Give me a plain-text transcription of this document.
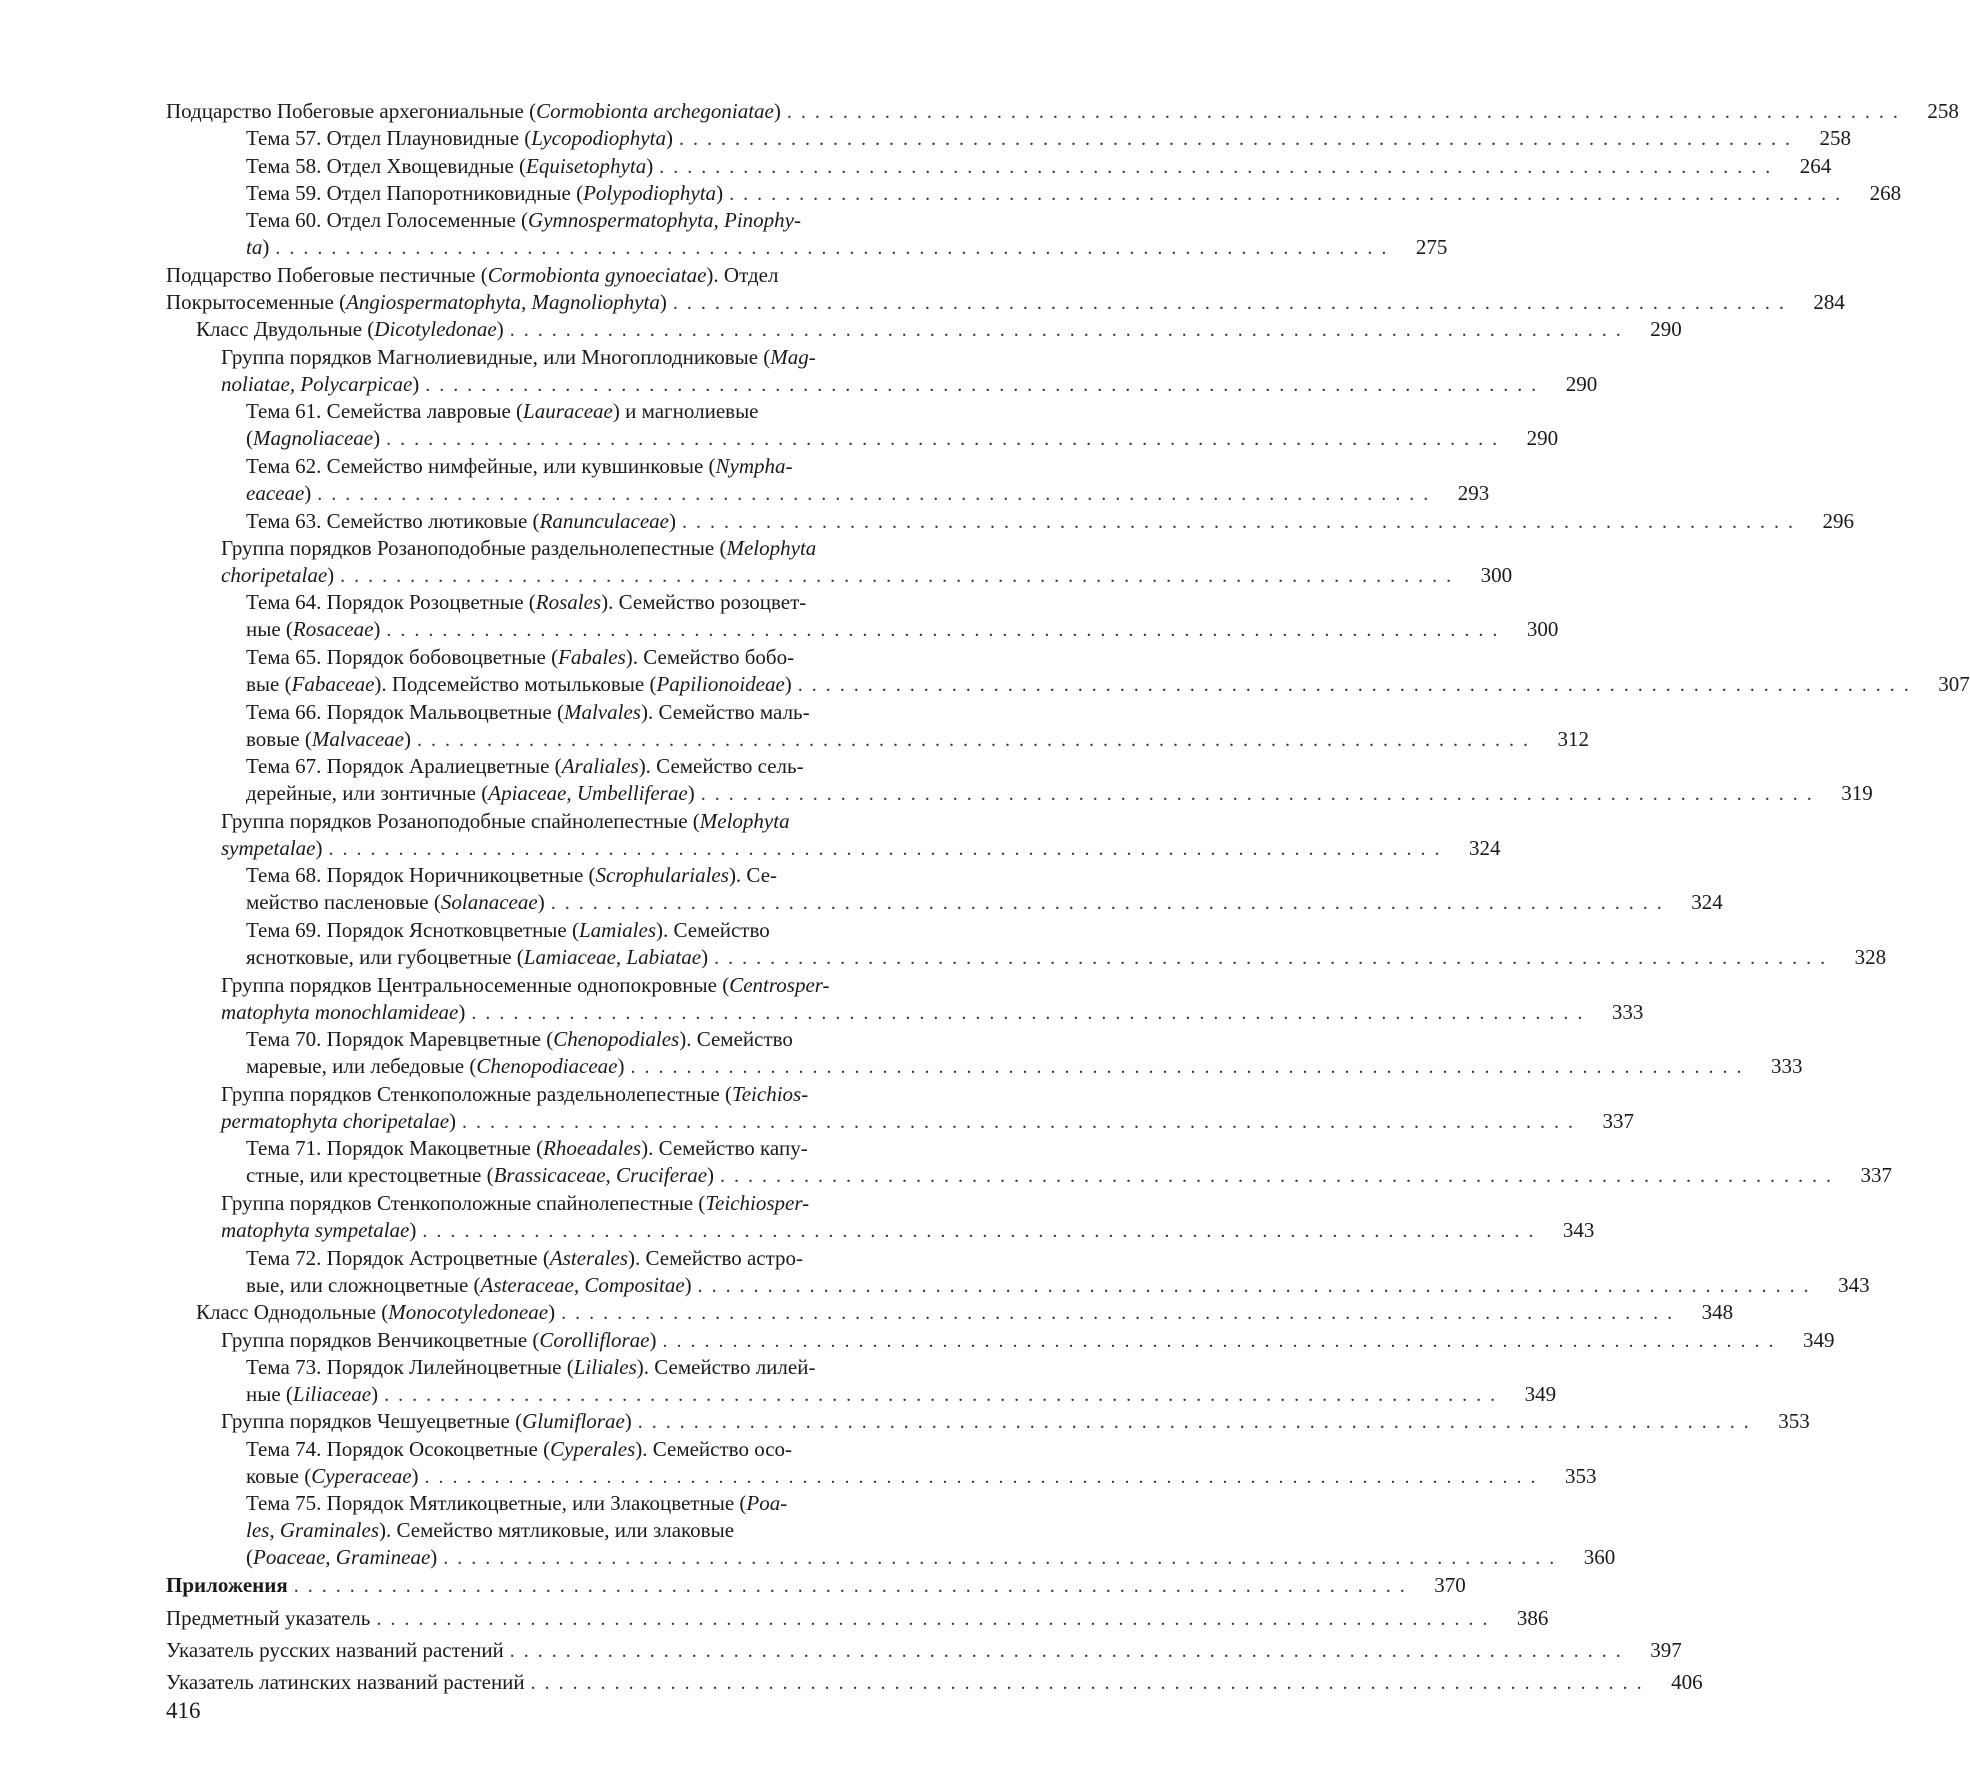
Подцарство Побеговые архегониальные (Cormobionta archegoniatae) ................................................................................ 258
Тема 57. Отдел Плауновидные (Lycopodiophyta) ................................................................................ 258
Тема 58. Отдел Хвощевидные (Equisetophyta) ................................................................................ 264
Тема 59. Отдел Папоротниковидные (Polypodiophyta) ................................................................................ 268
Тема 60. Отдел Голосеменные (Gymnospermatophyta, Pinophy-
ta) ................................................................................ 275
Подцарство Побеговые пестичные (Cormobionta gynoeciatae). Отдел
Покрытосеменные (Angiospermatophyta, Magnoliophyta) ................................................................................ 284
Класс Двудольные (Dicotyledonae) ................................................................................ 290
Группа порядков Магнолиевидные, или Многоплодниковые (Mag-
noliatae, Polycarpicae) ................................................................................ 290
Тема 61. Семейства лавровые (Lauraceae) и магнолиевые
(Magnoliaceae) ................................................................................ 290
Тема 62. Семейство нимфейные, или кувшинковые (Nympha-
eaceae) ................................................................................ 293
Тема 63. Семейство лютиковые (Ranunculaceae) ................................................................................ 296
Группа порядков Розаноподобные раздельнолепестные (Melophyta
choripetalae) ................................................................................ 300
Тема 64. Порядок Розоцветные (Rosales). Семейство розоцвет-
ные (Rosaceae) ................................................................................ 300
Тема 65. Порядок бобовоцветные (Fabales). Семейство бобо-
вые (Fabaceae). Подсемейство мотыльковые (Papilionoideae) ................................................................................ 307
Тема 66. Порядок Мальвоцветные (Malvales). Семейство маль-
вовые (Malvaceae) ................................................................................ 312
Тема 67. Порядок Аралиецветные (Araliales). Семейство сель-
дерейные, или зонтичные (Apiaceae, Umbelliferae) ................................................................................ 319
Группа порядков Розаноподобные спайнолепестные (Melophyta
sympetalae) ................................................................................ 324
Тема 68. Порядок Норичникоцветные (Scrophulariales). Се-
мейство пасленовые (Solanaceae) ................................................................................ 324
Тема 69. Порядок Яснотковцветные (Lamiales). Семейство
яснотковые, или губоцветные (Lamiaceae, Labiatae) ................................................................................ 328
Группа порядков Центральносеменные однопокровные (Centrosper-
matophyta monochlamideae) ................................................................................ 333
Тема 70. Порядок Маревцветные (Chenopodiales). Семейство
маревые, или лебедовые (Chenopodiaceae) ................................................................................ 333
Группа порядков Стенкоположные раздельнолепестные (Teichios-
permatophyta choripetalae) ................................................................................ 337
Тема 71. Порядок Макоцветные (Rhoeadales). Семейство капу-
стные, или крестоцветные (Brassicaceae, Cruciferae) ................................................................................ 337
Группа порядков Стенкоположные спайнолепестные (Teichiosper-
matophyta sympetalae) ................................................................................ 343
Тема 72. Порядок Астроцветные (Asterales). Семейство астро-
вые, или сложноцветные (Asteraceae, Compositae) ................................................................................ 343
Класс Однодольные (Monocotyledoneae) ................................................................................ 348
Группа порядков Венчикоцветные (Corolliflorae) ................................................................................ 349
Тема 73. Порядок Лилейноцветные (Liliales). Семейство лилей-
ные (Liliaceae) ................................................................................ 349
Группа порядков Чешуецветные (Glumiflorae) ................................................................................ 353
Тема 74. Порядок Осокоцветные (Cyperales). Семейство осо-
ковые (Cyperaceae) ................................................................................ 353
Тема 75. Порядок Мятликоцветные, или Злакоцветные (Poa-
les, Graminales). Семейство мятликовые, или злаковые
(Poaceae, Gramineae) ................................................................................ 360
Приложения ................................................................................ 370
Предметный указатель ................................................................................ 386
Указатель русских названий растений ................................................................................ 397
Указатель латинских названий растений ................................................................................ 406
416
